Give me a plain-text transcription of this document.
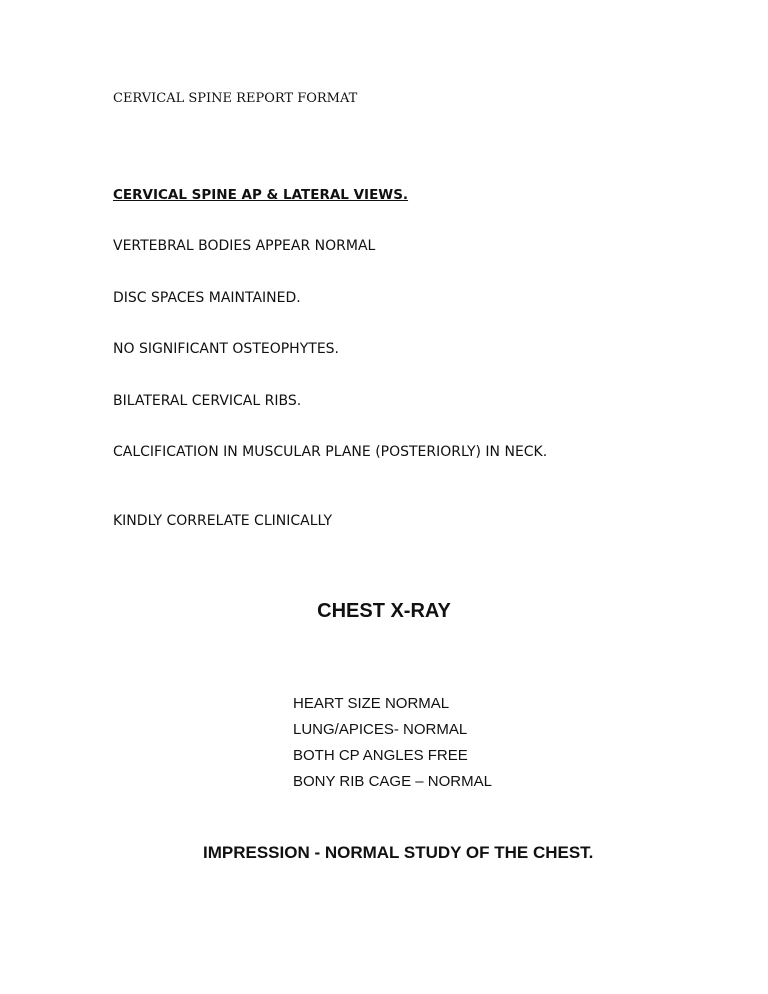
CERVICAL SPINE REPORT FORMAT

CERVICAL SPINE AP & LATERAL VIEWS.

VERTEBRAL BODIES APPEAR NORMAL

DISC SPACES MAINTAINED.

NO SIGNIFICANT OSTEOPHYTES.

BILATERAL CERVICAL RIBS.

CALCIFICATION IN MUSCULAR PLANE (POSTERIORLY) IN NECK.

KINDLY CORRELATE CLINICALLY

CHEST X-RAY

HEART SIZE NORMAL

LUNG/APICES- NORMAL

BOTH CP ANGLES FREE

BONY RIB CAGE – NORMAL

IMPRESSION - NORMAL STUDY OF THE CHEST.
